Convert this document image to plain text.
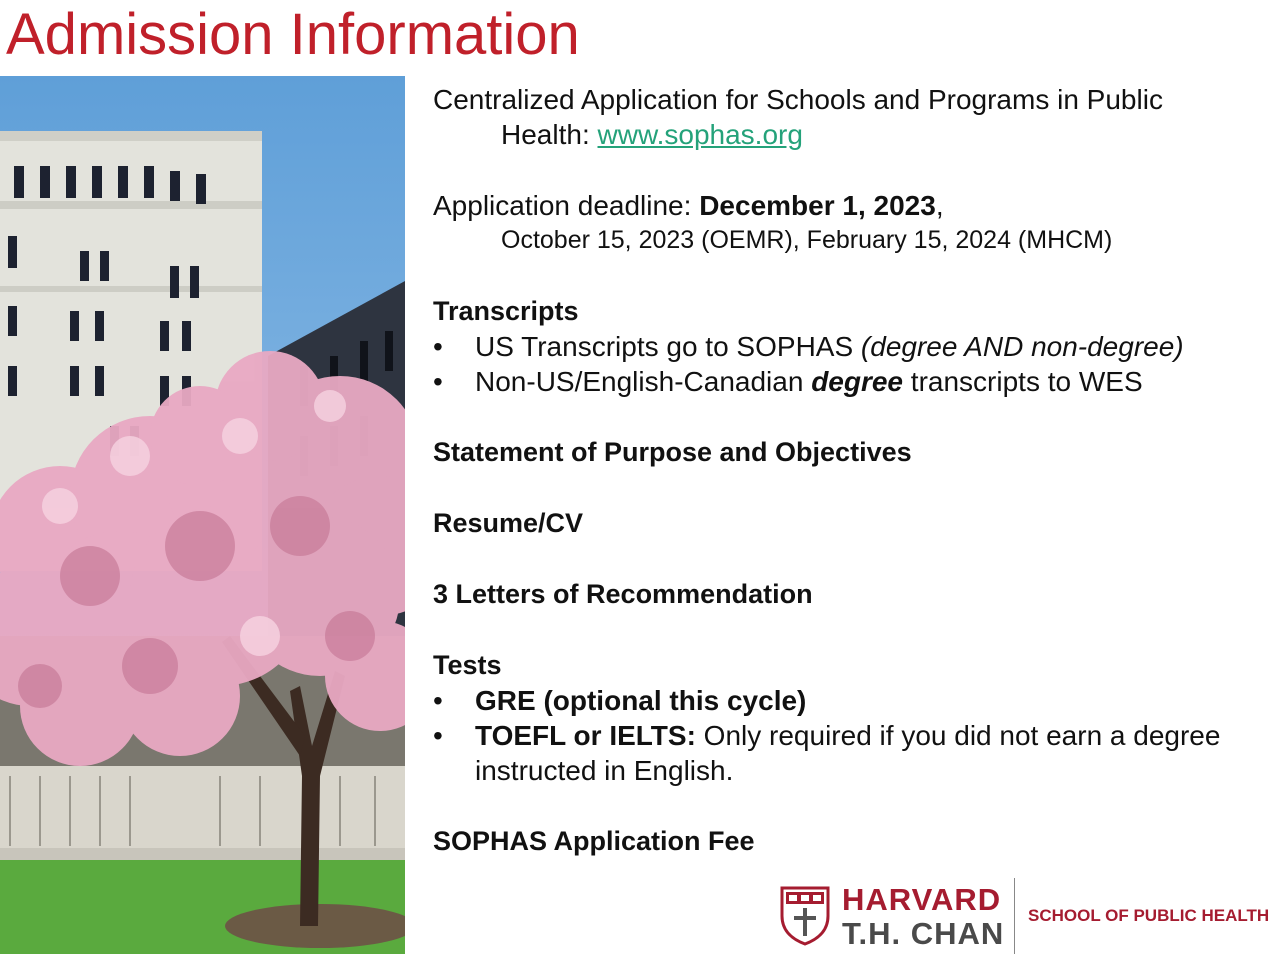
Admission Information
Centralized Application for Schools and Programs in Public
Health: www.sophas.org
Application deadline: December 1, 2023,
October 15, 2023 (OEMR), February 15, 2024 (MHCM)
Transcripts
• US Transcripts go to SOPHAS (degree AND non-degree)
• Non-US/English-Canadian degree transcripts to WES
Statement of Purpose and Objectives
Resume/CV
3 Letters of Recommendation
Tests
• GRE (optional this cycle)
• TOEFL or IELTS: Only required if you did not earn a degree
instructed in English.
SOPHAS Application Fee
HARVARD
T.H. CHAN
SCHOOL OF PUBLIC HEALTH
